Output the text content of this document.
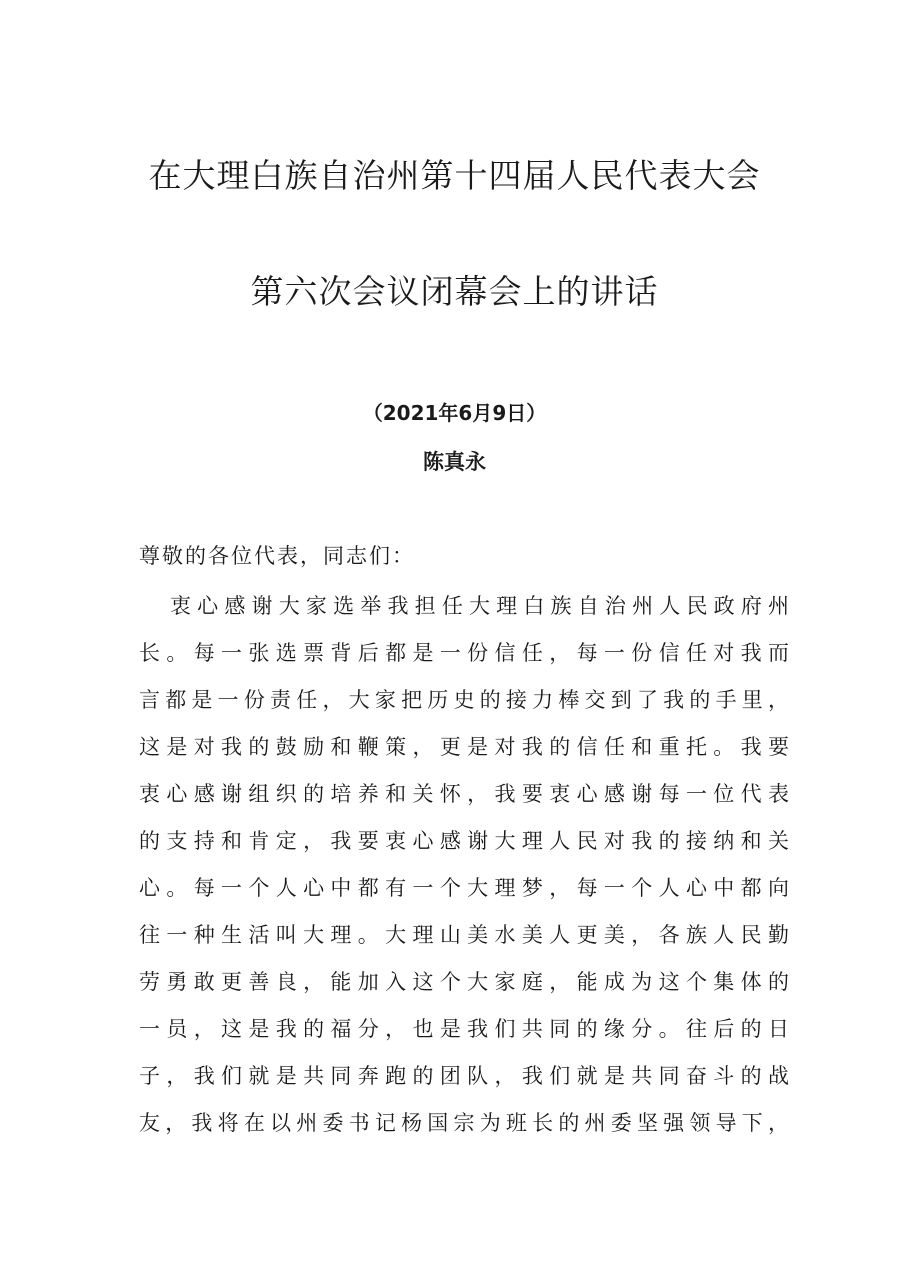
在大理白族自治州第十四届人民代表大会
第六次会议闭幕会上的讲话
（2021年6月9日）
陈真永
尊敬的各位代表，同志们：
衷心感谢大家选举我担任大理白族自治州人民政府州
长。每一张选票背后都是一份信任，每一份信任对我而
言都是一份责任，大家把历史的接力棒交到了我的手里，
这是对我的鼓励和鞭策，更是对我的信任和重托。我要
衷心感谢组织的培养和关怀，我要衷心感谢每一位代表
的支持和肯定，我要衷心感谢大理人民对我的接纳和关
心。每一个人心中都有一个大理梦，每一个人心中都向
往一种生活叫大理。大理山美水美人更美，各族人民勤
劳勇敢更善良，能加入这个大家庭，能成为这个集体的
一员，这是我的福分，也是我们共同的缘分。往后的日
子，我们就是共同奔跑的团队，我们就是共同奋斗的战
友，我将在以州委书记杨国宗为班长的州委坚强领导下，
